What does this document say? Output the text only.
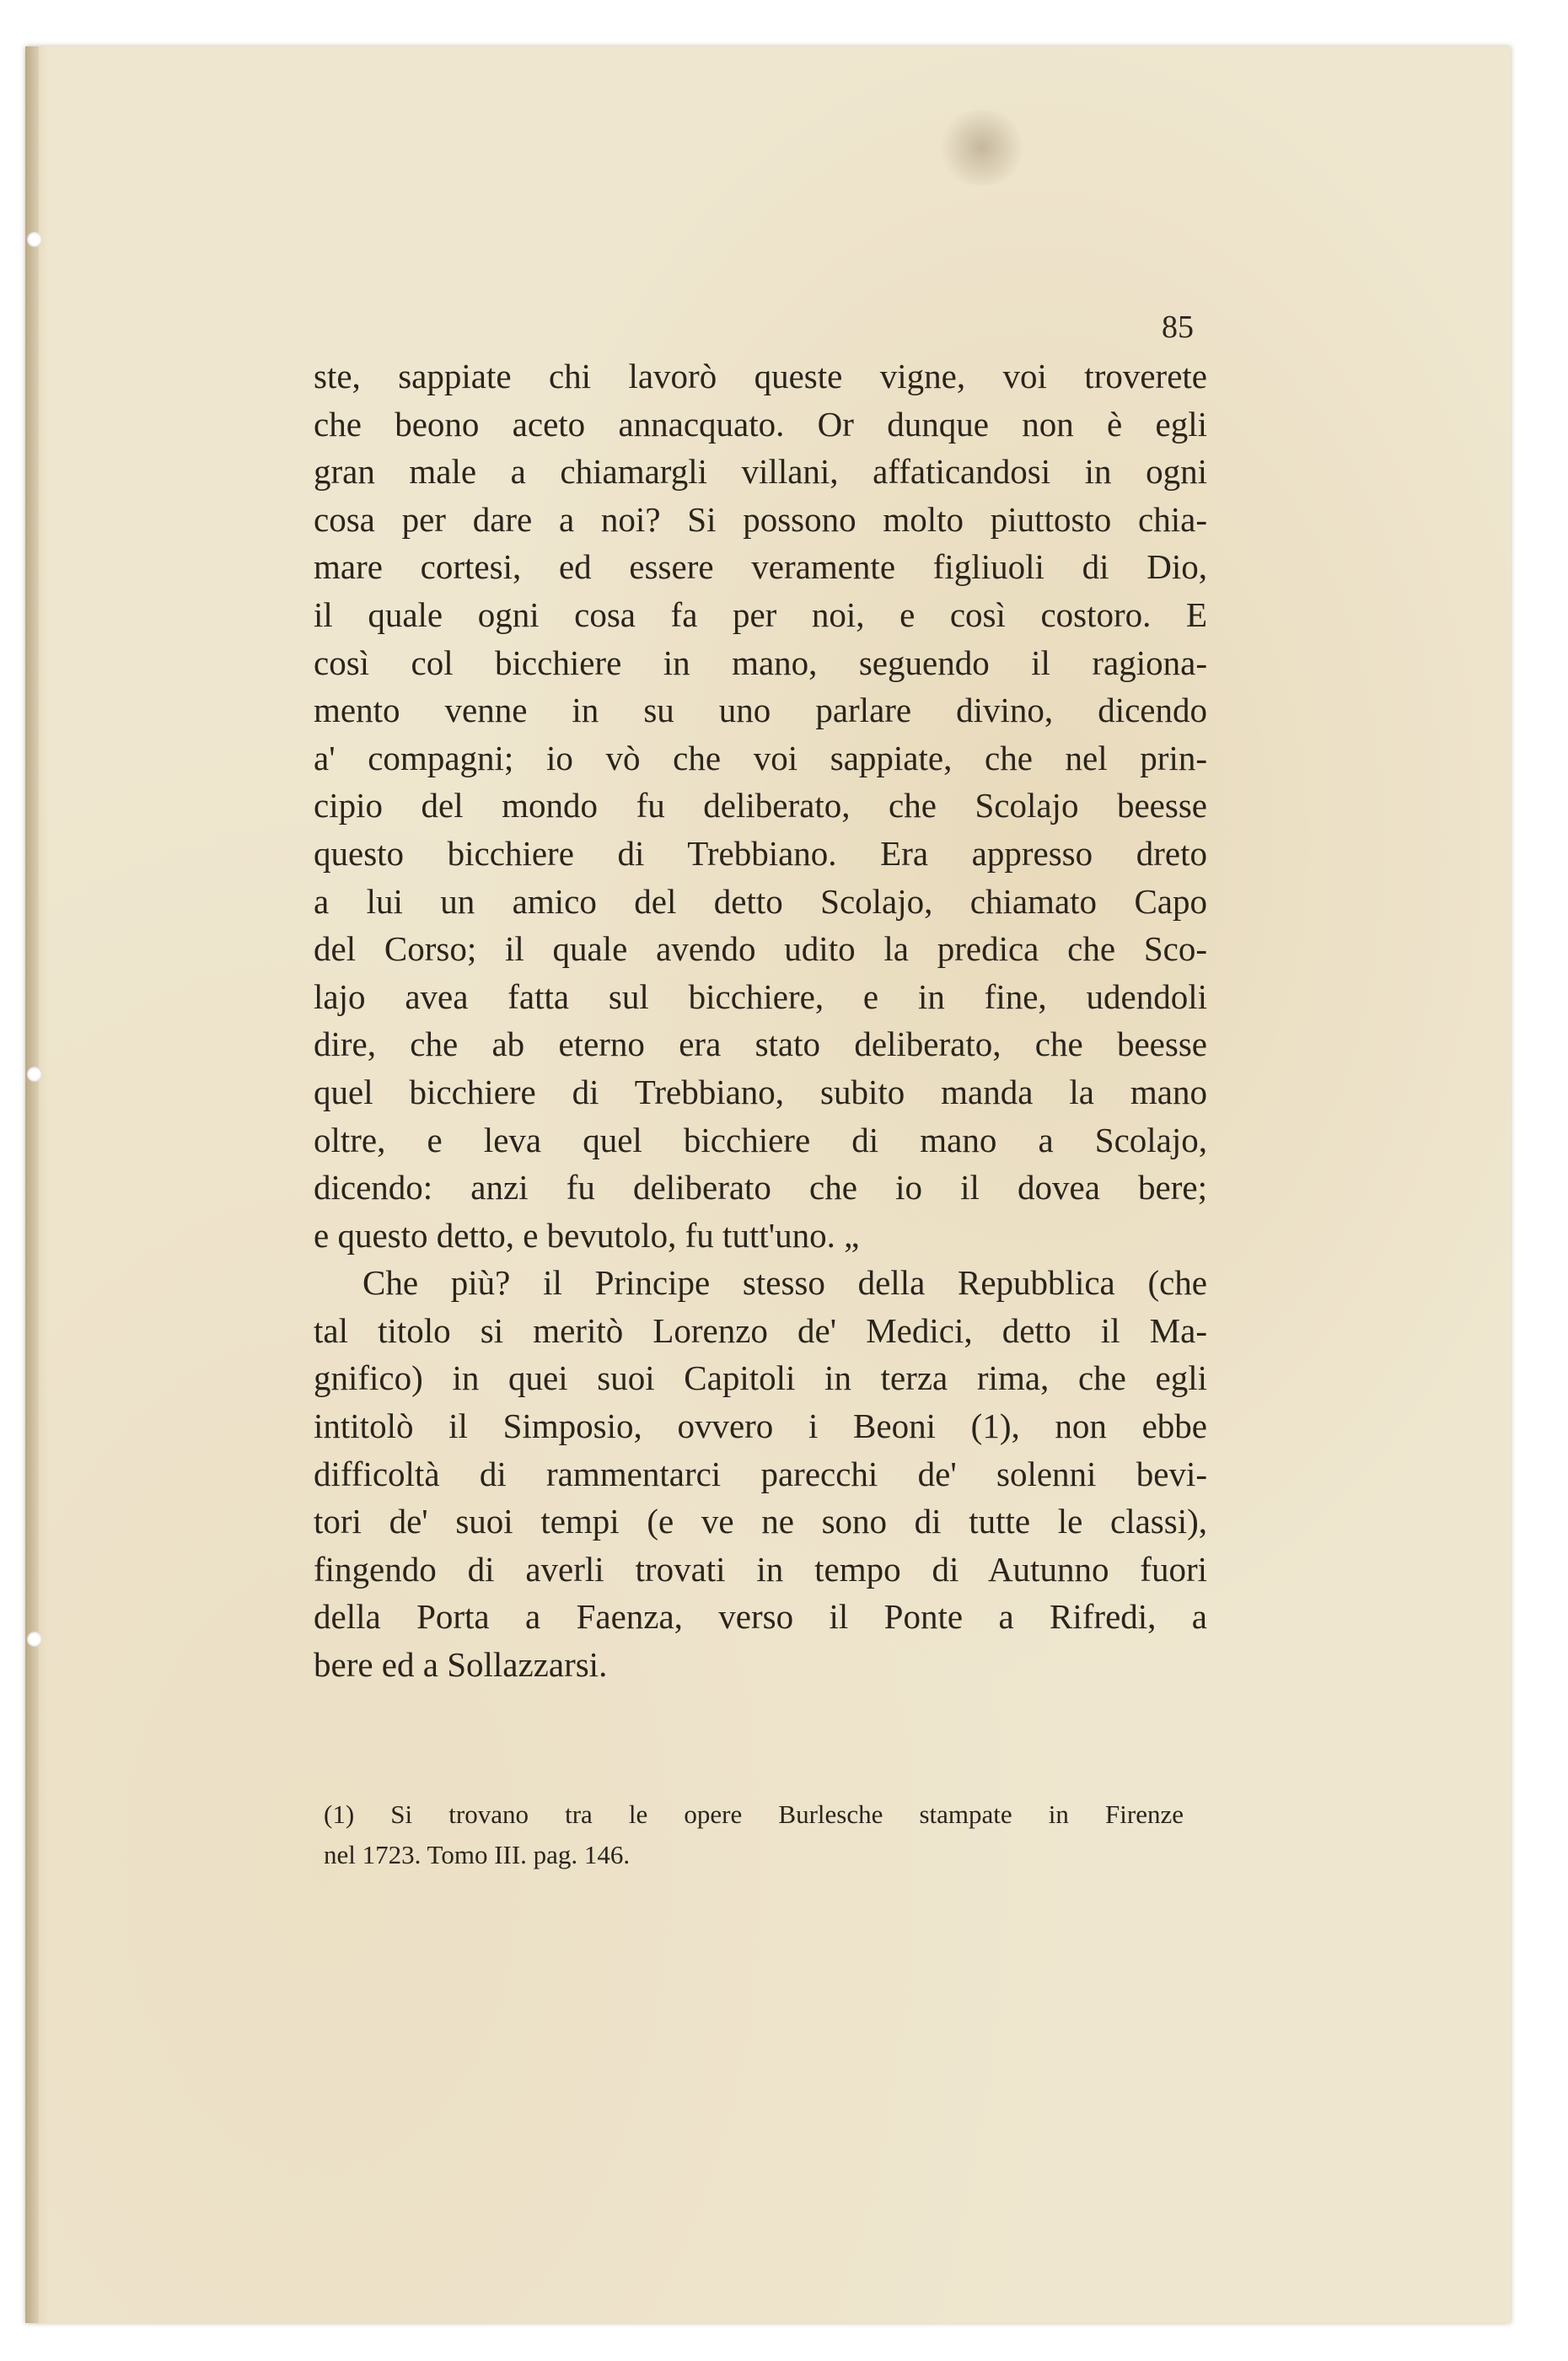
85
ste, sappiate chi lavorò queste vigne, voi troverete
che beono aceto annacquato. Or dunque non è egli
gran male a chiamargli villani, affaticandosi in ogni
cosa per dare a noi? Si possono molto piuttosto chia-
mare cortesi, ed essere veramente figliuoli di Dio,
il quale ogni cosa fa per noi, e così costoro. E
così col bicchiere in mano, seguendo il ragiona-
mento venne in su uno parlare divino, dicendo
a' compagni; io vò che voi sappiate, che nel prin-
cipio del mondo fu deliberato, che Scolajo beesse
questo bicchiere di Trebbiano. Era appresso dreto
a lui un amico del detto Scolajo, chiamato Capo
del Corso; il quale avendo udito la predica che Sco-
lajo avea fatta sul bicchiere, e in fine, udendoli
dire, che ab eterno era stato deliberato, che beesse
quel bicchiere di Trebbiano, subito manda la mano
oltre, e leva quel bicchiere di mano a Scolajo,
dicendo: anzi fu deliberato che io il dovea bere;
e questo detto, e bevutolo, fu tutt'uno. „
Che più? il Principe stesso della Repubblica (che
tal titolo si meritò Lorenzo de' Medici, detto il Ma-
gnifico) in quei suoi Capitoli in terza rima, che egli
intitolò il Simposio, ovvero i Beoni (1), non ebbe
difficoltà di rammentarci parecchi de' solenni bevi-
tori de' suoi tempi (e ve ne sono di tutte le classi),
fingendo di averli trovati in tempo di Autunno fuori
della Porta a Faenza, verso il Ponte a Rifredi, a
bere ed a Sollazzarsi.
(1) Si trovano tra le opere Burlesche stampate in Firenze
nel 1723. Tomo III. pag. 146.
